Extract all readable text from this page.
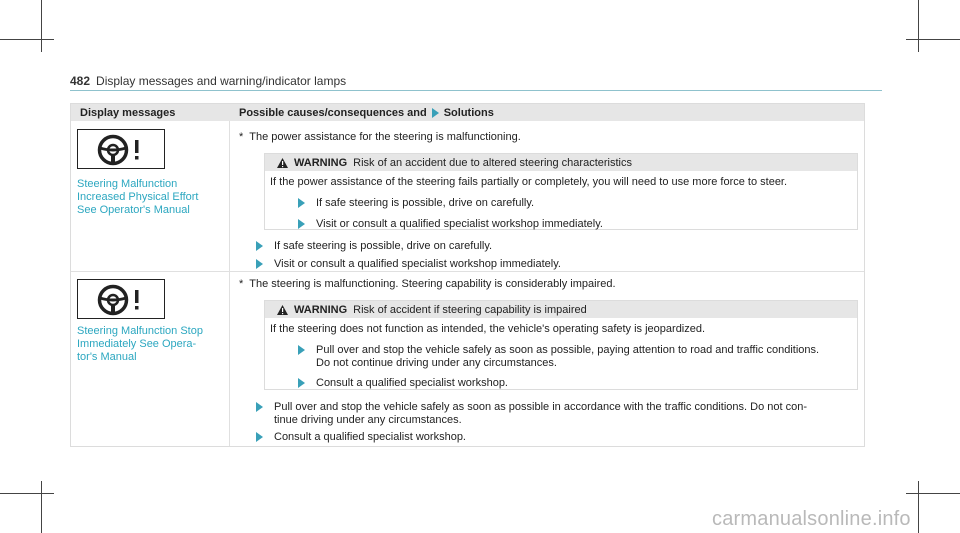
482 Display messages and warning/indicator lamps
Display messages	Possible causes/consequences and Solutions
Steering Malfunction
Increased Physical Effort
See Operator's Manual
* The power assistance for the steering is malfunctioning.
WARNING Risk of an accident due to altered steering characteristics
If the power assistance of the steering fails partially or completely, you will need to use more force to steer.
If safe steering is possible, drive on carefully.
Visit or consult a qualified specialist workshop immediately.
If safe steering is possible, drive on carefully.
Visit or consult a qualified specialist workshop immediately.
Steering Malfunction Stop
Immediately See Opera-
tor's Manual
* The steering is malfunctioning. Steering capability is considerably impaired.
WARNING Risk of accident if steering capability is impaired
If the steering does not function as intended, the vehicle's operating safety is jeopardized.
Pull over and stop the vehicle safely as soon as possible, paying attention to road and traffic conditions.
Do not continue driving under any circumstances.
Consult a qualified specialist workshop.
Pull over and stop the vehicle safely as soon as possible in accordance with the traffic conditions. Do not con-
tinue driving under any circumstances.
Consult a qualified specialist workshop.
carmanualsonline.info
